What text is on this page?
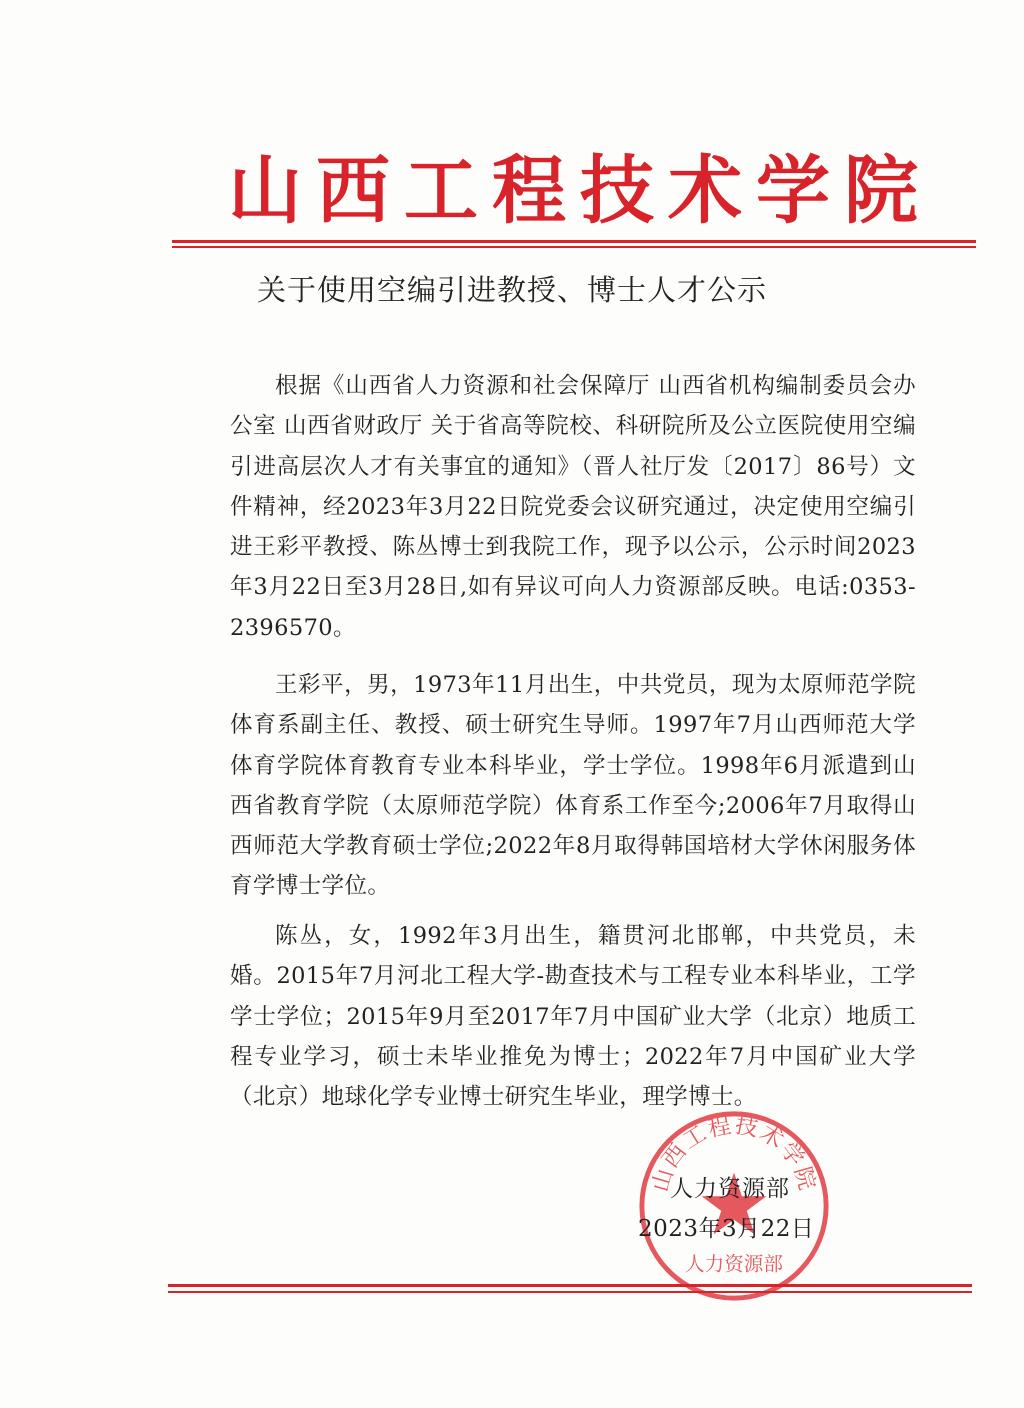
山西工程技术学院
关于使用空编引进教授、博士人才公示

根据《山西省人力资源和社会保障厅 山西省机构编制委员会办公室 山西省财政厅 关于省高等院校、科研院所及公立医院使用空编引进高层次人才有关事宜的通知》（晋人社厅发〔2017〕86号）文件精神，经2023年3月22日院党委会议研究通过，决定使用空编引进王彩平教授、陈丛博士到我院工作，现予以公示，公示时间2023年3月22日至3月28日,如有异议可向人力资源部反映。电话:0353-2396570。

王彩平，男，1973年11月出生，中共党员，现为太原师范学院体育系副主任、教授、硕士研究生导师。1997年7月山西师范大学体育学院体育教育专业本科毕业，学士学位。1998年6月派遣到山西省教育学院（太原师范学院）体育系工作至今;2006年7月取得山西师范大学教育硕士学位;2022年8月取得韩国培材大学休闲服务体育学博士学位。

陈丛，女，1992年3月出生，籍贯河北邯郸，中共党员，未婚。2015年7月河北工程大学-勘查技术与工程专业本科毕业，工学学士学位；2015年9月至2017年7月中国矿业大学（北京）地质工程专业学习，硕士未毕业推免为博士；2022年7月中国矿业大学（北京）地球化学专业博士研究生毕业，理学博士。

山西工程技术学院
人力资源部
人力资源部
2023年3月22日
